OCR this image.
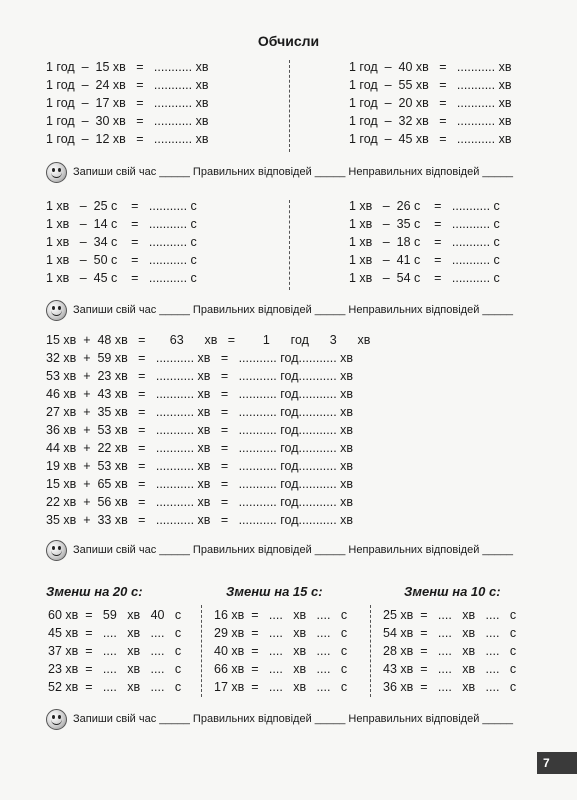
Обчисли
1 год  –  15 хв   =   ........... хв
1 год  –  24 хв   =   ........... хв
1 год  –  17 хв   =   ........... хв
1 год  –  30 хв   =   ........... хв
1 год  –  12 хв   =   ........... хв
1 год  –  40 хв   =   ........... хв
1 год  –  55 хв   =   ........... хв
1 год  –  20 хв   =   ........... хв
1 год  –  32 хв   =   ........... хв
1 год  –  45 хв   =   ........... хв
Запиши свій час _____ Правильних відповідей _____ Неправильних відповідей _____
1 хв   –  25 с    =   ........... с
1 хв   –  14 с    =   ........... с
1 хв   –  34 с    =   ........... с
1 хв   –  50 с    =   ........... с
1 хв   –  45 с    =   ........... с
1 хв   –  26 с    =   ........... с
1 хв   –  35 с    =   ........... с
1 хв   –  18 с    =   ........... с
1 хв   –  41 с    =   ........... с
1 хв   –  54 с    =   ........... с
Запиши свій час _____ Правильних відповідей _____ Неправильних відповідей _____
15 хв  +  48 хв   =       63      хв   =        1      год      3      хв
32 хв  +  59 хв   =   ........... хв   =   ........... год........... хв
53 хв  +  23 хв   =   ........... хв   =   ........... год........... хв
46 хв  +  43 хв   =   ........... хв   =   ........... год........... хв
27 хв  +  35 хв   =   ........... хв   =   ........... год........... хв
36 хв  +  53 хв   =   ........... хв   =   ........... год........... хв
44 хв  +  22 хв   =   ........... хв   =   ........... год........... хв
19 хв  +  53 хв   =   ........... хв   =   ........... год........... хв
15 хв  +  65 хв   =   ........... хв   =   ........... год........... хв
22 хв  +  56 хв   =   ........... хв   =   ........... год........... хв
35 хв  +  33 хв   =   ........... хв   =   ........... год........... хв
Запиши свій час _____ Правильних відповідей _____ Неправильних відповідей _____
Зменш на 20 с:	Зменш на 15 с:	Зменш на 10 с:
60 хв  =   59   хв   40   с
45 хв  =   ....   хв   ....   с
37 хв  =   ....   хв   ....   с
23 хв  =   ....   хв   ....   с
52 хв  =   ....   хв   ....   с
16 хв  =   ....   хв   ....   с
29 хв  =   ....   хв   ....   с
40 хв  =   ....   хв   ....   с
66 хв  =   ....   хв   ....   с
17 хв  =   ....   хв   ....   с
25 хв  =   ....   хв   ....   с
54 хв  =   ....   хв   ....   с
28 хв  =   ....   хв   ....   с
43 хв  =   ....   хв   ....   с
36 хв  =   ....   хв   ....   с
Запиши свій час _____ Правильних відповідей _____ Неправильних відповідей _____
7
